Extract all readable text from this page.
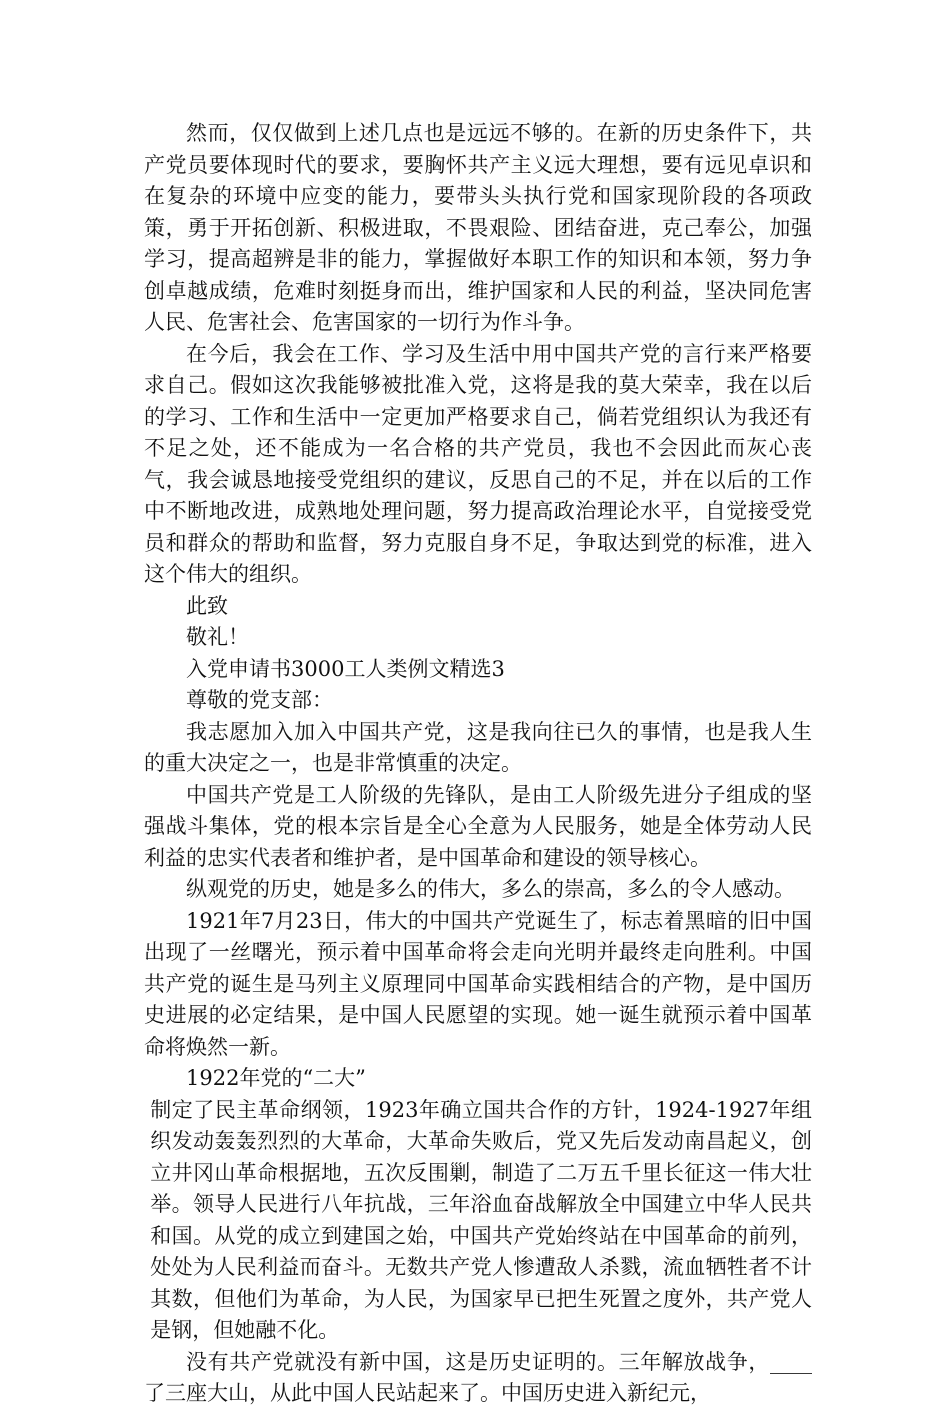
然而，仅仅做到上述几点也是远远不够的。在新的历史条件下，共产党员要体现时代的要求，要胸怀共产主义远大理想，要有远见卓识和在复杂的环境中应变的能力，要带头头执行党和国家现阶段的各项政策，勇于开拓创新、积极进取，不畏艰险、团结奋进，克己奉公，加强学习，提高超辨是非的能力，掌握做好本职工作的知识和本领，努力争创卓越成绩，危难时刻挺身而出，维护国家和人民的利益，坚决同危害人民、危害社会、危害国家的一切行为作斗争。

在今后，我会在工作、学习及生活中用中国共产党的言行来严格要求自己。假如这次我能够被批准入党，这将是我的莫大荣幸，我在以后的学习、工作和生活中一定更加严格要求自己，倘若党组织认为我还有不足之处，还不能成为一名合格的共产党员，我也不会因此而灰心丧气，我会诚恳地接受党组织的建议，反思自己的不足，并在以后的工作中不断地改进，成熟地处理问题，努力提高政治理论水平，自觉接受党员和群众的帮助和监督，努力克服自身不足，争取达到党的标准，进入这个伟大的组织。

此致

敬礼！

入党申请书3000工人类例文精选3

尊敬的党支部：

我志愿加入加入中国共产党，这是我向往已久的事情，也是我人生的重大决定之一，也是非常慎重的决定。

中国共产党是工人阶级的先锋队，是由工人阶级先进分子组成的坚强战斗集体，党的根本宗旨是全心全意为人民服务，她是全体劳动人民利益的忠实代表者和维护者，是中国革命和建设的领导核心。

纵观党的历史，她是多么的伟大，多么的崇高，多么的令人感动。

1921年7月23日，伟大的中国共产党诞生了，标志着黑暗的旧中国出现了一丝曙光，预示着中国革命将会走向光明并最终走向胜利。中国共产党的诞生是马列主义原理同中国革命实践相结合的产物，是中国历史进展的必定结果，是中国人民愿望的实现。她一诞生就预示着中国革命将焕然一新。

1922年党的“二大”

制定了民主革命纲领，1923年确立国共合作的方针，1924-1927年组织发动轰轰烈烈的大革命，大革命失败后，党又先后发动南昌起义，创立井冈山革命根据地，五次反围剿，制造了二万五千里长征这一伟大壮举。领导人民进行八年抗战，三年浴血奋战解放全中国建立中华人民共和国。从党的成立到建国之始，中国共产党始终站在中国革命的前列，处处为人民利益而奋斗。无数共产党人惨遭敌人杀戮，流血牺牲者不计其数，但他们为革命，为人民，为国家早已把生死置之度外，共产党人是钢，但她融不化。

没有共产党就没有新中国，这是历史证明的。三年解放战争，____了三座大山，从此中国人民站起来了。中国历史进入新纪元，
